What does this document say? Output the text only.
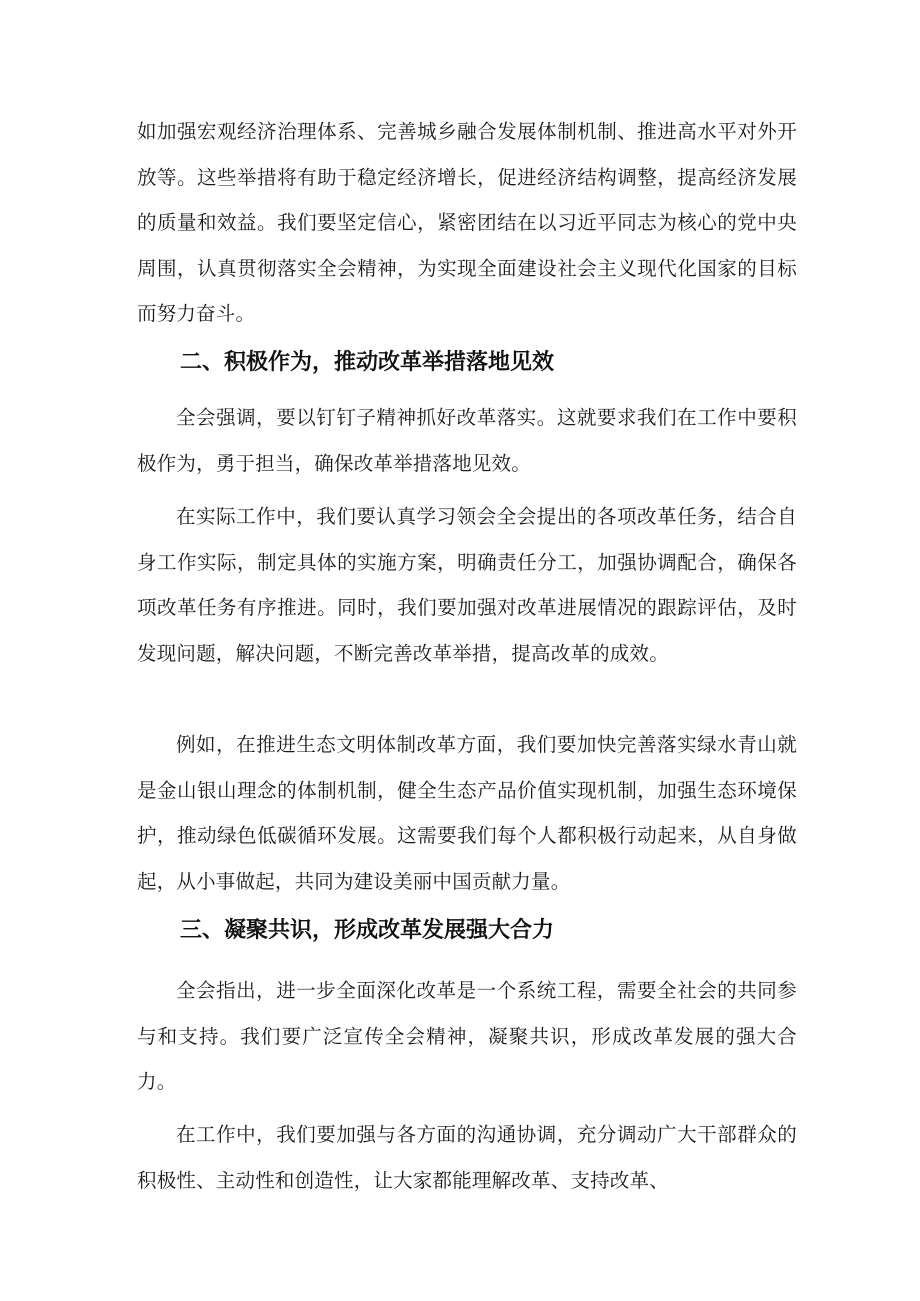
如加强宏观经济治理体系、完善城乡融合发展体制机制、推进高水平对外开放等。这些举措将有助于稳定经济增长，促进经济结构调整，提高经济发展的质量和效益。我们要坚定信心，紧密团结在以习近平同志为核心的党中央周围，认真贯彻落实全会精神，为实现全面建设社会主义现代化国家的目标而努力奋斗。

二、积极作为，推动改革举措落地见效

全会强调，要以钉钉子精神抓好改革落实。这就要求我们在工作中要积极作为，勇于担当，确保改革举措落地见效。

在实际工作中，我们要认真学习领会全会提出的各项改革任务，结合自身工作实际，制定具体的实施方案，明确责任分工，加强协调配合，确保各项改革任务有序推进。同时，我们要加强对改革进展情况的跟踪评估，及时发现问题，解决问题，不断完善改革举措，提高改革的成效。

例如，在推进生态文明体制改革方面，我们要加快完善落实绿水青山就是金山银山理念的体制机制，健全生态产品价值实现机制，加强生态环境保护，推动绿色低碳循环发展。这需要我们每个人都积极行动起来，从自身做起，从小事做起，共同为建设美丽中国贡献力量。

三、凝聚共识，形成改革发展强大合力

全会指出，进一步全面深化改革是一个系统工程，需要全社会的共同参与和支持。我们要广泛宣传全会精神，凝聚共识，形成改革发展的强大合力。

在工作中，我们要加强与各方面的沟通协调，充分调动广大干部群众的积极性、主动性和创造性，让大家都能理解改革、支持改革、
